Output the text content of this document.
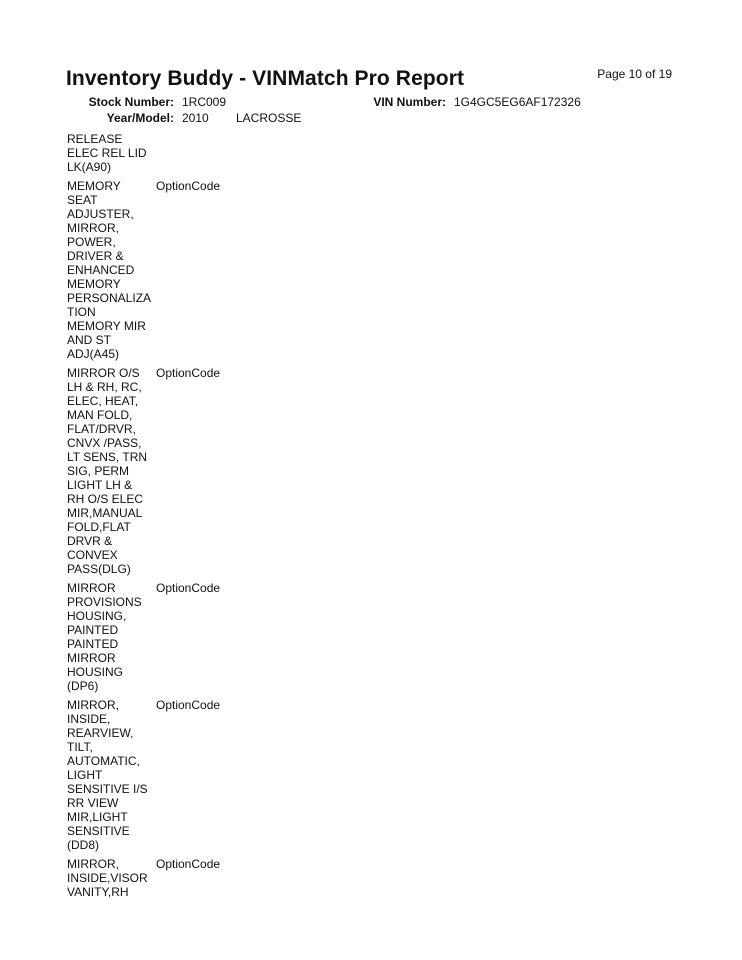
Inventory Buddy - VINMatch Pro Report	Page 10 of 19
Stock Number: 1RC009	VIN Number: 1G4GC5EG6AF172326
Year/Model: 2010 LACROSSE
RELEASE
ELEC REL LID
LK(A90)
MEMORY
SEAT
ADJUSTER,
MIRROR,
POWER,
DRIVER &
ENHANCED
MEMORY
PERSONALIZA
TION
MEMORY MIR
AND ST
ADJ(A45)
OptionCode
MIRROR O/S
LH & RH, RC,
ELEC, HEAT,
MAN FOLD,
FLAT/DRVR,
CNVX /PASS,
LT SENS, TRN
SIG, PERM
LIGHT LH &
RH O/S ELEC
MIR,MANUAL
FOLD,FLAT
DRVR &
CONVEX
PASS(DLG)
OptionCode
MIRROR
PROVISIONS
HOUSING,
PAINTED
PAINTED
MIRROR
HOUSING
(DP6)
OptionCode
MIRROR,
INSIDE,
REARVIEW,
TILT,
AUTOMATIC,
LIGHT
SENSITIVE I/S
RR VIEW
MIR,LIGHT
SENSITIVE
(DD8)
OptionCode
MIRROR,
INSIDE,VISOR
VANITY,RH
OptionCode
